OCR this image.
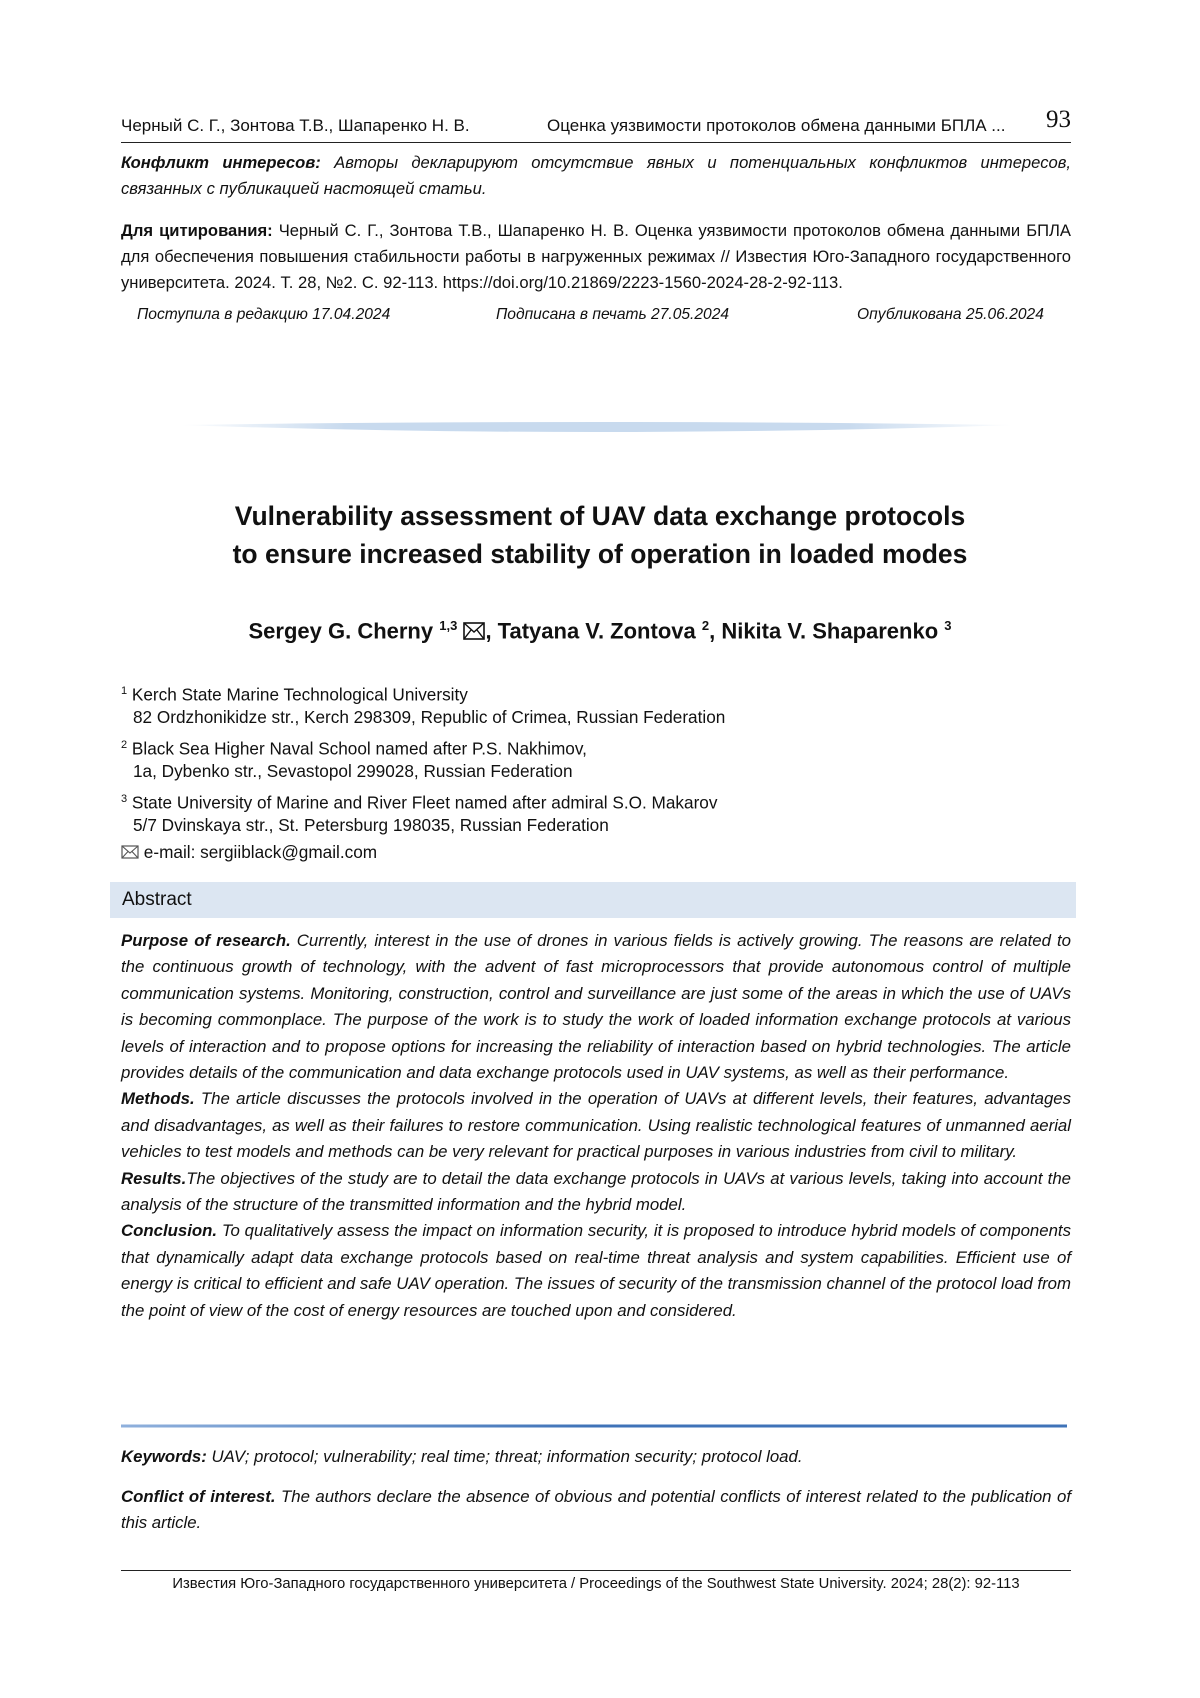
Черный С. Г., Зонтова Т.В., Шапаренко Н. В.	Оценка уязвимости протоколов обмена данными БПЛА ... 93
Конфликт интересов: Авторы декларируют отсутствие явных и потенциальных конфликтов интересов, связанных с публикацией настоящей статьи.
Для цитирования: Черный С. Г., Зонтова Т.В., Шапаренко Н. В. Оценка уязвимости протоколов обмена данными БПЛА для обеспечения повышения стабильности работы в нагруженных режимах // Известия Юго-Западного государственного университета. 2024. Т. 28, №2. С. 92-113. https://doi.org/10.21869/2223-1560-2024-28-2-92-113.
Поступила в редакцию 17.04.2024	Подписана в печать 27.05.2024	Опубликована 25.06.2024
Vulnerability assessment of UAV data exchange protocols
to ensure increased stability of operation in loaded modes
Sergey G. Cherny $^{1,3}$ , Tatyana V. Zontova $^2$, Nikita V. Shaparenko $^3$
$^1$ Kerch State Marine Technological University
82 Ordzhonikidze str., Kerch 298309, Republic of Crimea, Russian Federation
$^2$ Black Sea Higher Naval School named after P.S. Nakhimov,
1a, Dybenko str., Sevastopol 299028, Russian Federation
$^3$ State University of Marine and River Fleet named after admiral S.O. Makarov
5/7 Dvinskaya str., St. Petersburg 198035, Russian Federation
e-mail: sergiiblack@gmail.com
Abstract

Purpose of research. Currently, interest in the use of drones in various fields is actively growing. The reasons are related to the continuous growth of technology, with the advent of fast microprocessors that provide autonomous control of multiple communication systems. Monitoring, construction, control and surveillance are just some of the areas in which the use of UAVs is becoming commonplace. The purpose of the work is to study the work of loaded information exchange protocols at various levels of interaction and to propose options for increasing the reliability of interaction based on hybrid technologies. The article provides details of the communication and data exchange protocols used in UAV systems, as well as their performance.

Methods. The article discusses the protocols involved in the operation of UAVs at different levels, their features, advantages and disadvantages, as well as their failures to restore communication. Using realistic technological features of unmanned aerial vehicles to test models and methods can be very relevant for practical purposes in various industries from civil to military.

Results.The objectives of the study are to detail the data exchange protocols in UAVs at various levels, taking into account the analysis of the structure of the transmitted information and the hybrid model.

Conclusion. To qualitatively assess the impact on information security, it is proposed to introduce hybrid models of components that dynamically adapt data exchange protocols based on real-time threat analysis and system capabilities. Efficient use of energy is critical to efficient and safe UAV operation. The issues of security of the transmission channel of the protocol load from the point of view of the cost of energy resources are touched upon and considered.

Keywords: UAV; protocol; vulnerability; real time; threat; information security; protocol load.
Conflict of interest. The authors declare the absence of obvious and potential conflicts of interest related to the publication of this article.
Известия Юго-Западного государственного университета / Proceedings of the Southwest State University. 2024; 28(2): 92-113
